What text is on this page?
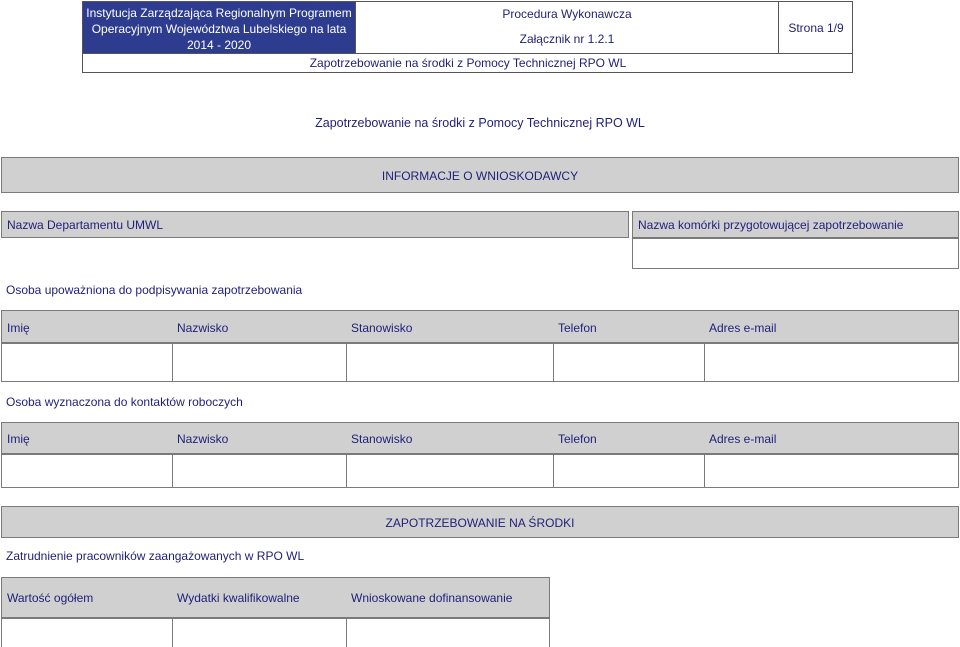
Instytucja Zarządzająca Regionalnym Programem
Operacyjnym Województwa Lubelskiego na lata
2014 - 2020
Procedura Wykonawcza
Załącznik nr 1.2.1
Strona 1/9
Zapotrzebowanie na środki z Pomocy Technicznej RPO WL
Zapotrzebowanie na środki z Pomocy Technicznej RPO WL
INFORMACJE O WNIOSKODAWCY
Nazwa Departamentu UMWL	Nazwa komórki przygotowującej zapotrzebowanie
Osoba upoważniona do podpisywania zapotrzebowania
Imię	Nazwisko	Stanowisko	Telefon	Adres e-mail
Osoba wyznaczona do kontaktów roboczych
Imię	Nazwisko	Stanowisko	Telefon	Adres e-mail
ZAPOTRZEBOWANIE NA ŚRODKI
Zatrudnienie pracowników zaangażowanych w RPO WL
Wartość ogółem	Wydatki kwalifikowalne	Wnioskowane dofinansowanie
